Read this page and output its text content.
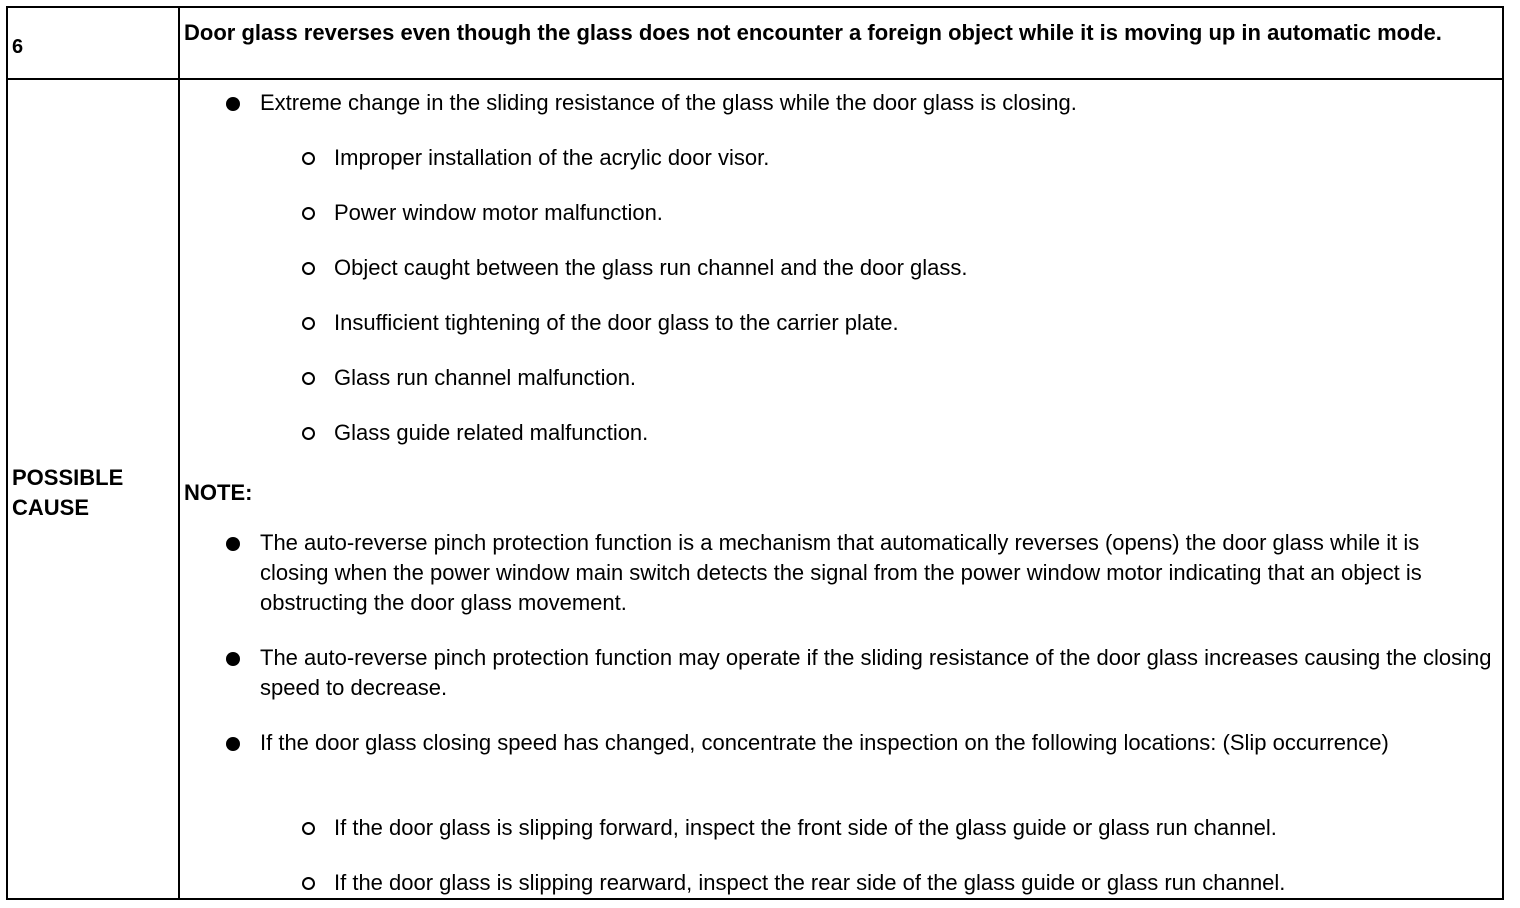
6
Door glass reverses even though the glass does not encounter a foreign object while it is moving up in automatic mode.
POSSIBLE CAUSE
Extreme change in the sliding resistance of the glass while the door glass is closing.
Improper installation of the acrylic door visor.
Power window motor malfunction.
Object caught between the glass run channel and the door glass.
Insufficient tightening of the door glass to the carrier plate.
Glass run channel malfunction.
Glass guide related malfunction.
NOTE:
The auto-reverse pinch protection function is a mechanism that automatically reverses (opens) the door glass while it is closing when the power window main switch detects the signal from the power window motor indicating that an object is obstructing the door glass movement.
The auto-reverse pinch protection function may operate if the sliding resistance of the door glass increases causing the closing speed to decrease.
If the door glass closing speed has changed, concentrate the inspection on the following locations: (Slip occurrence)
If the door glass is slipping forward, inspect the front side of the glass guide or glass run channel.
If the door glass is slipping rearward, inspect the rear side of the glass guide or glass run channel.
